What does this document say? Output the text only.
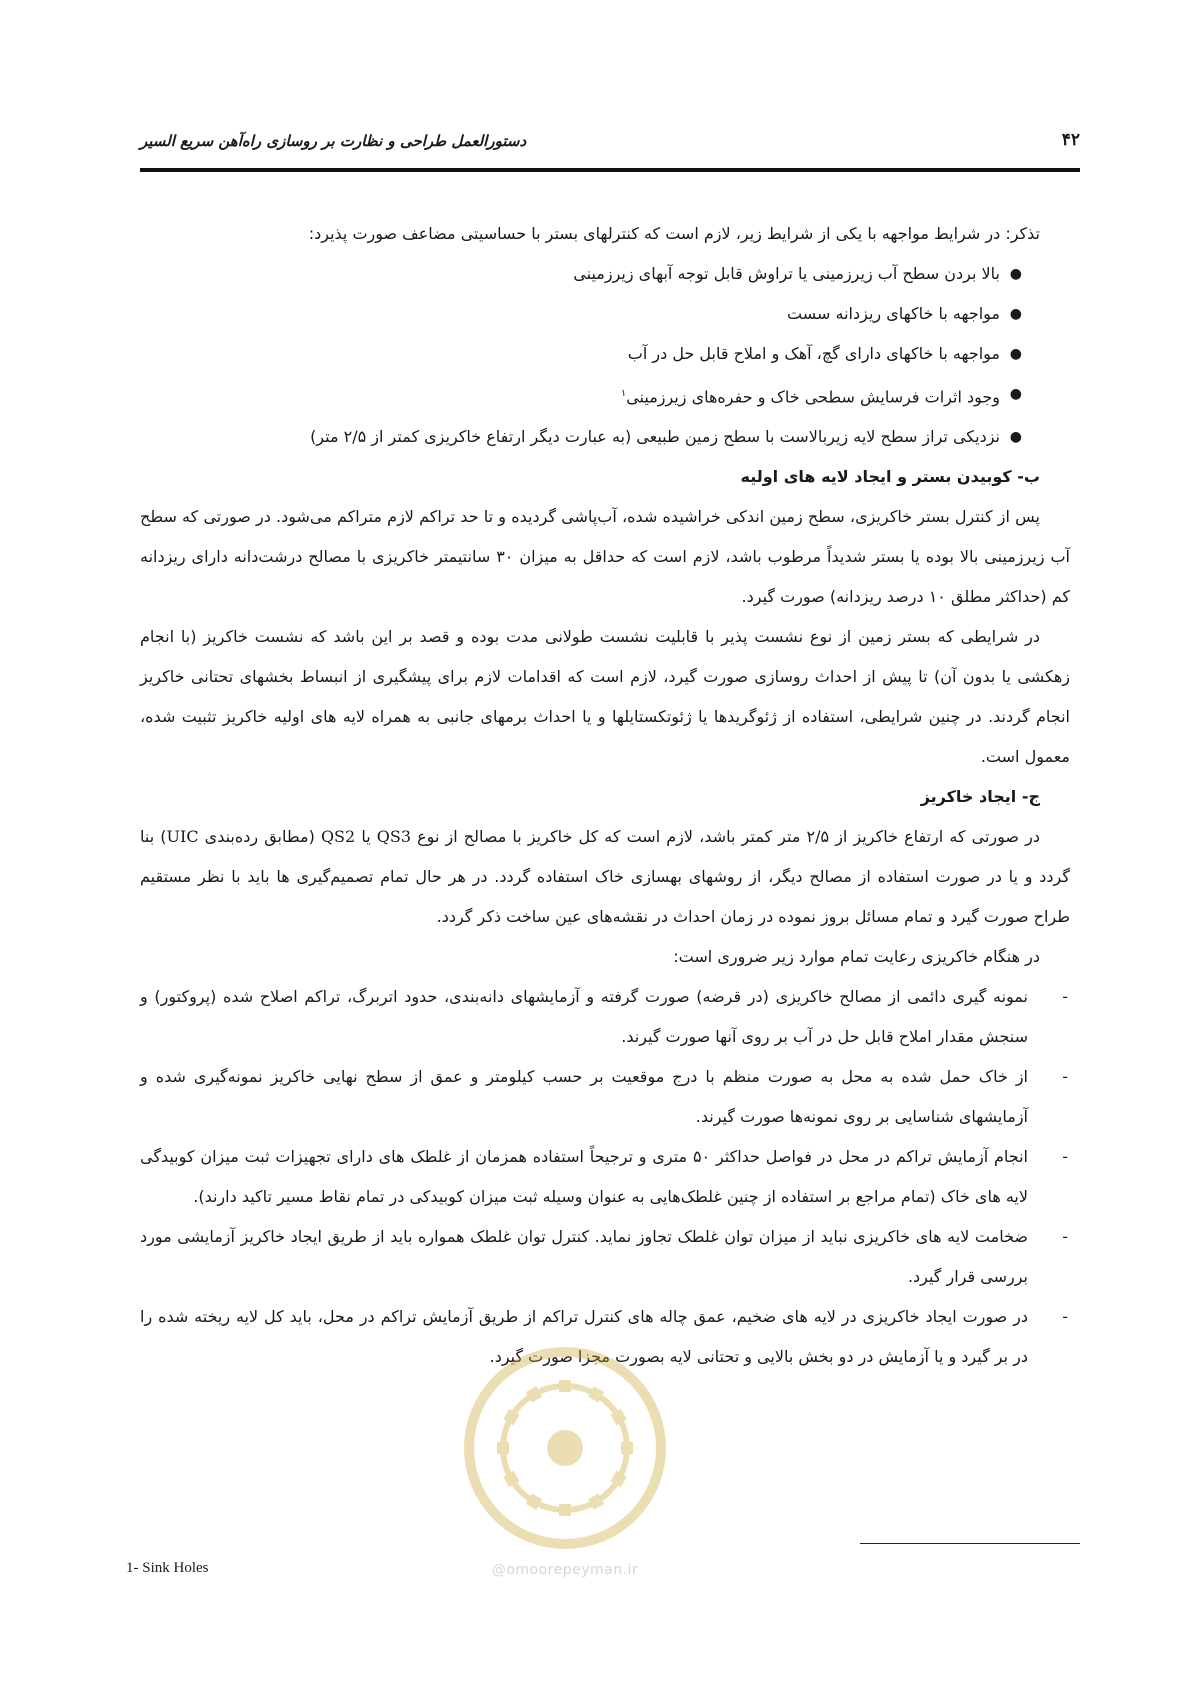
۴۲
دستورالعمل طراحی و نظارت بر روسازی راه‌آهن سریع السیر

تذکر: در شرایط مواجهه با یکی از شرایط زیر، لازم است که کنترلهای بستر با حساسیتی مضاعف صورت پذیرد:

●
بالا بردن سطح آب زیرزمینی یا تراوش قابل توجه آبهای زیرزمینی
●
مواجهه با خاکهای ریزدانه سست
●
مواجهه با خاکهای دارای گچ، آهک و املاح قابل حل در آب
●
وجود اثرات فرسایش سطحی خاک و حفره‌های زیرزمینی$^۱$
●
نزدیکی تراز سطح لایه زیربالاست با سطح زمین طبیعی (به عبارت دیگر ارتفاع خاکریزی کمتر از ۲/۵ متر)

ب- کوبیدن بستر و ایجاد لایه های اولیه

پس از کنترل بستر خاکریزی، سطح زمین اندکی خراشیده شده، آب‌پاشی گردیده و تا حد تراکم لازم متراکم می‌شود. در صورتی که سطح آب زیرزمینی بالا بوده یا بستر شدیداً مرطوب باشد، لازم است که حداقل به میزان ۳۰ سانتیمتر خاکریزی با مصالح درشت‌دانه دارای ریزدانه کم (حداکثر مطلق ۱۰ درصد ریزدانه) صورت گیرد.

در شرایطی که بستر زمین از نوع نشست پذیر با قابلیت نشست طولانی مدت بوده و قصد بر این باشد که نشست خاکریز (با انجام زهکشی یا بدون آن) تا پیش از احداث روسازی صورت گیرد، لازم است که اقدامات لازم برای پیشگیری از انبساط بخشهای تحتانی خاکریز انجام گردند. در چنین شرایطی، استفاده از ژئوگریدها یا ژئوتکستایلها و یا احداث برمهای جانبی به همراه لایه های اولیه خاکریز تثبیت شده، معمول است.

ج- ایجاد خاکریز

در صورتی که ارتفاع خاکریز از ۲/۵ متر کمتر باشد، لازم است که کل خاکریز با مصالح از نوع QS3 یا QS2 (مطابق رده‌بندی UIC) بنا گردد و یا در صورت استفاده از مصالح دیگر، از روشهای بهسازی خاک استفاده گردد. در هر حال تمام تصمیم‌گیری ها باید با نظر مستقیم طراح صورت گیرد و تمام مسائل بروز نموده در زمان احداث در نقشه‌های عین ساخت ذکر گردد.

در هنگام خاکریزی رعایت تمام موارد زیر ضروری است:

-
نمونه گیری دائمی از مصالح خاکریزی (در قرضه) صورت گرفته و آزمایشهای دانه‌بندی، حدود اتربرگ، تراکم اصلاح شده (پروکتور) و سنجش مقدار املاح قابل حل در آب بر روی آنها صورت گیرند.
-
از خاک حمل شده به محل به صورت منظم با درج موقعیت بر حسب کیلومتر و عمق از سطح نهایی خاکریز نمونه‌گیری شده و آزمایشهای شناسایی بر روی نمونه‌ها صورت گیرند.
-
انجام آزمایش تراکم در محل در فواصل حداکثر ۵۰ متری و ترجیحاً استفاده همزمان از غلطک های دارای تجهیزات ثبت میزان کوبیدگی لایه های خاک (تمام مراجع بر استفاده از چنین غلطک‌هایی به عنوان وسیله ثبت میزان کوبیدکی در تمام نقاط مسیر تاکید دارند).
-
ضخامت لایه های خاکریزی نباید از میزان توان غلطک تجاوز نماید. کنترل توان غلطک همواره باید از طریق ایجاد خاکریز آزمایشی مورد بررسی قرار گیرد.
-
در صورت ایجاد خاکریزی در لایه های ضخیم، عمق چاله های کنترل تراکم از طریق آزمایش تراکم در محل، باید کل لایه ریخته شده را در بر گیرد و یا آزمایش در دو بخش بالایی و تحتانی لایه بصورت مجزا صورت گیرد.
@omoorepeyman.ir
1- Sink Holes
